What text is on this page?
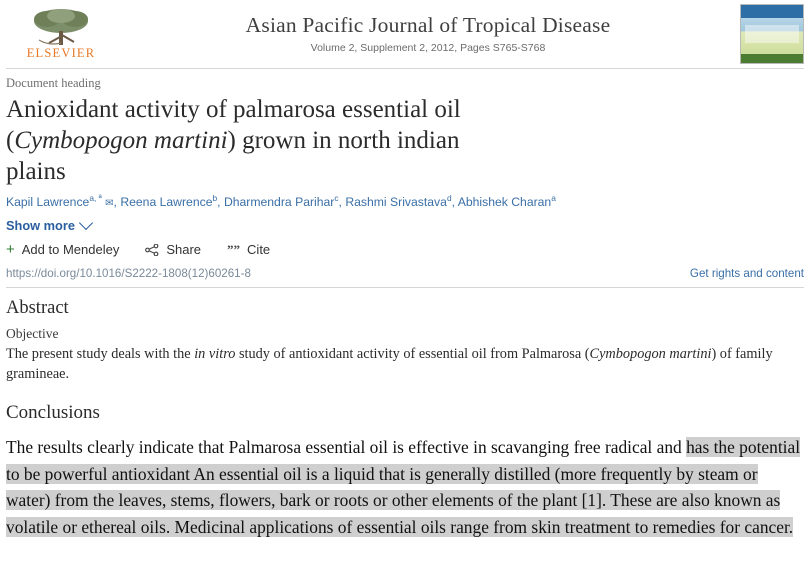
ELSEVIER
Asian Pacific Journal of Tropical Disease
Volume 2, Supplement 2, 2012, Pages S765-S768
Document heading
Anioxidant activity of palmarosa essential oil
(Cymbopogon martini) grown in north indian
plains
Kapil Lawrence$^{a, ª}$ ✉, Reena Lawrence$^b$, Dharmendra Parihar$^c$, Rashmi Srivastava$^d$, Abhishek Charan$^a$
Show more
+ Add to Mendeley	Share ”” Cite
https://doi.org/10.1016/S2222-1808(12)60261-8	Get rights and content
Abstract
Objective

The present study deals with the in vitro study of antioxidant activity of essential oil from Palmarosa (Cymbopogon martini) of family gramineae.

Conclusions

The results clearly indicate that Palmarosa essential oil is effective in scavanging free radical and has the potential to be powerful antioxidant An essential oil is a liquid that is generally distilled (more frequently by steam or water) from the leaves, stems, flowers, bark or roots or other elements of the plant [1]. These are also known as volatile or ethereal oils. Medicinal applications of essential oils range from skin treatment to remedies for cancer.
